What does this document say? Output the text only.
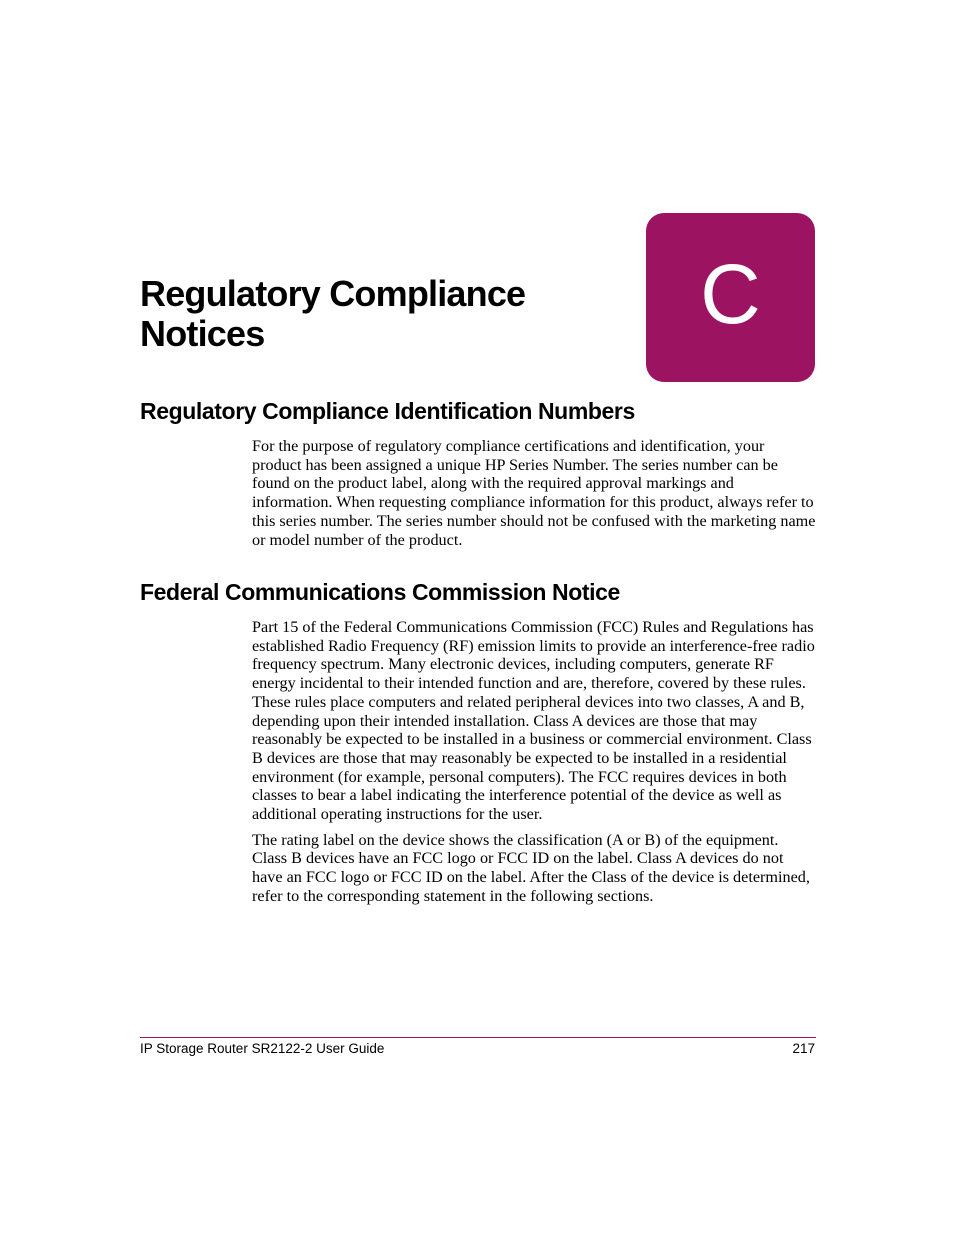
C
Regulatory Compliance Notices
Regulatory Compliance Identification Numbers

For the purpose of regulatory compliance certifications and identification, your product has been assigned a unique HP Series Number. The series number can be found on the product label, along with the required approval markings and information. When requesting compliance information for this product, always refer to this series number. The series number should not be confused with the marketing name or model number of the product.

Federal Communications Commission Notice

Part 15 of the Federal Communications Commission (FCC) Rules and Regulations has established Radio Frequency (RF) emission limits to provide an interference-free radio frequency spectrum. Many electronic devices, including computers, generate RF energy incidental to their intended function and are, therefore, covered by these rules. These rules place computers and related peripheral devices into two classes, A and B, depending upon their intended installation. Class A devices are those that may reasonably be expected to be installed in a business or commercial environment. Class B devices are those that may reasonably be expected to be installed in a residential environment (for example, personal computers). The FCC requires devices in both classes to bear a label indicating the interference potential of the device as well as additional operating instructions for the user.

The rating label on the device shows the classification (A or B) of the equipment. Class B devices have an FCC logo or FCC ID on the label. Class A devices do not have an FCC logo or FCC ID on the label. After the Class of the device is determined, refer to the corresponding statement in the following sections.

IP Storage Router SR2122-2 User Guide	217
